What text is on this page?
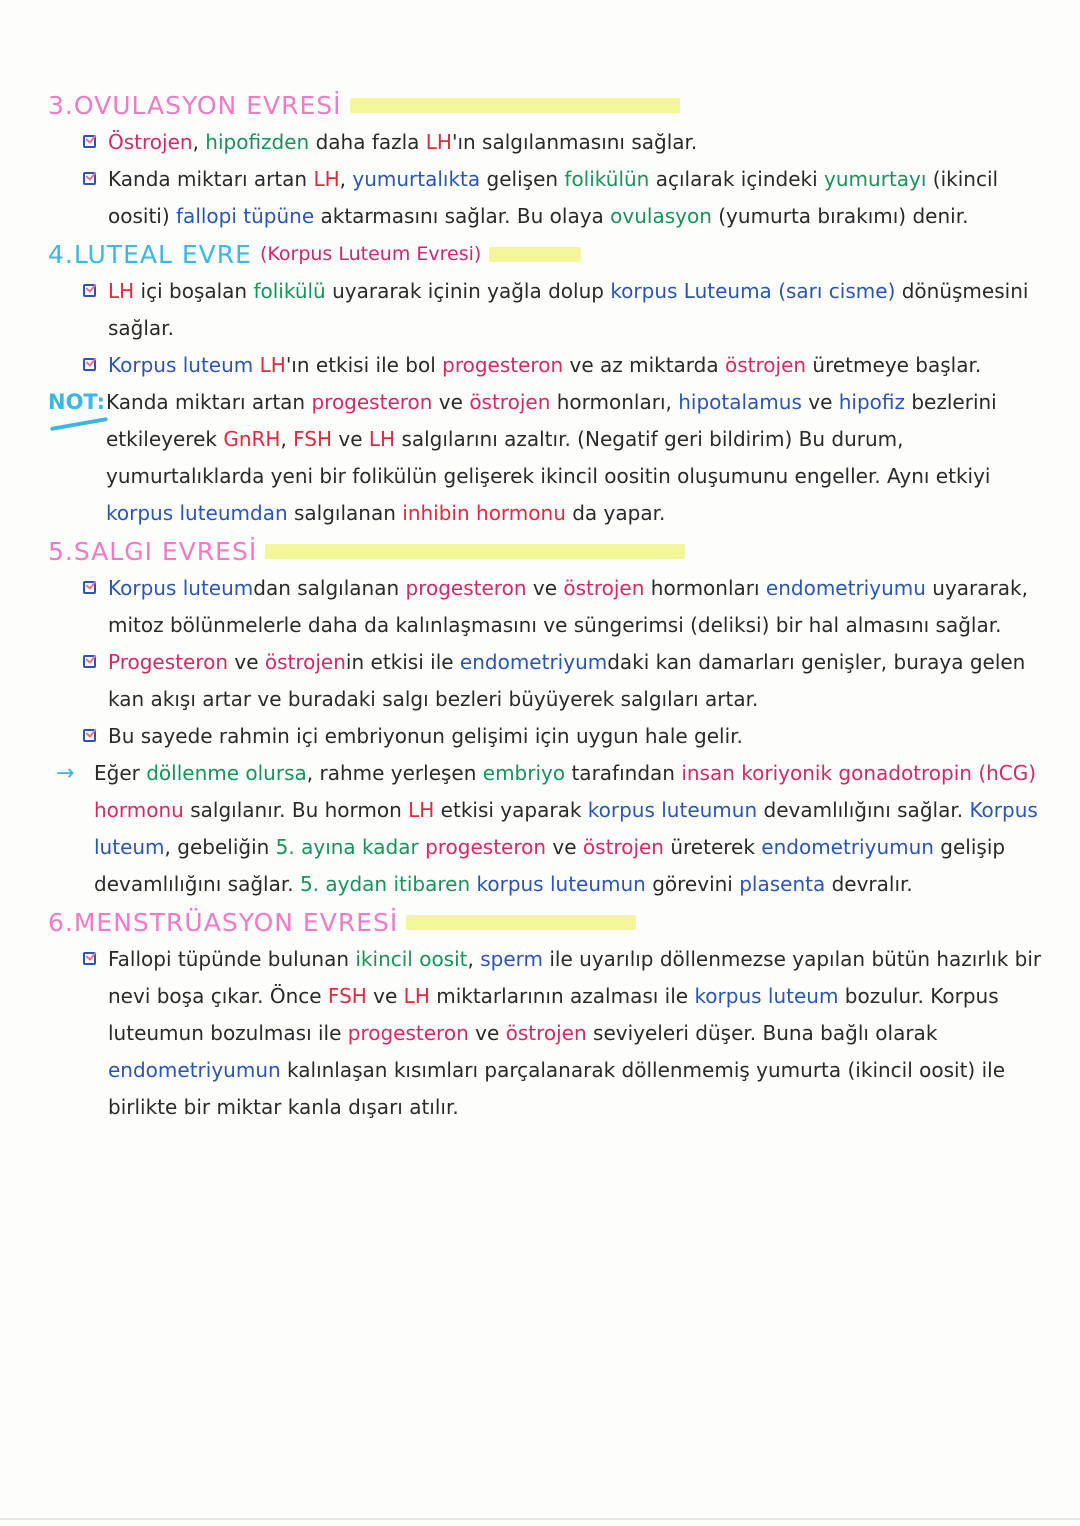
3.OVULASYON EVRESİ

Östrojen, hipofizden daha fazla LH'ın salgılanmasını sağlar.

Kanda miktarı artan LH, yumurtalıkta gelişen folikülün açılarak içindeki yumurtayı (ikincil oositi) fallopi tüpüne aktarmasını sağlar. Bu olaya ovulasyon (yumurta bırakımı) denir.

4. LUTEAL EVRE (Korpus Luteum Evresi)

LH içi boşalan folikülü uyararak içinin yağla dolup korpus Luteuma (sarı cisme) dönüşmesini sağlar.

Korpus luteum LH'ın etkisi ile bol progesteron ve az miktarda östrojen üretmeye başlar.

NOT: Kanda miktarı artan progesteron ve östrojen hormonları, hipotalamus ve hipofiz bezlerini etkileyerek GnRH, FSH ve LH salgılarını azaltır. (Negatif geri bildirim) Bu durum, yumurtalıklarda yeni bir folikülün gelişerek ikincil oositin oluşumunu engeller. Aynı etkiyi korpus luteumdan salgılanan inhibin hormonu da yapar.

5.SALGI EVRESİ

Korpus luteumdan salgılanan progesteron ve östrojen hormonları endometriyumu uyararak, mitoz bölünmelerle daha da kalınlaşmasını ve süngerimsi (deliksi) bir hal almasını sağlar.

Progesteron ve östrojenin etkisi ile endometriyumdaki kan damarları genişler, buraya gelen kan akışı artar ve buradaki salgı bezleri büyüyerek salgıları artar.

Bu sayede rahmin içi embriyonun gelişimi için uygun hale gelir.

→ Eğer döllenme olursa, rahme yerleşen embriyo tarafından insan koriyonik gonadotropin (hCG) hormonu salgılanır. Bu hormon LH etkisi yaparak korpus luteumun devamlılığını sağlar. Korpus luteum, gebeliğin 5. ayına kadar progesteron ve östrojen üreterek endometriyumun gelişip devamlılığını sağlar. 5. aydan itibaren korpus luteumun görevini plasenta devralır.

6.MENSTRÜASYON EVRESİ

Fallopi tüpünde bulunan ikincil oosit, sperm ile uyarılıp döllenmezse yapılan bütün hazırlık bir nevi boşa çıkar. Önce FSH ve LH miktarlarının azalması ile korpus luteum bozulur. Korpus luteumun bozulması ile progesteron ve östrojen seviyeleri düşer. Buna bağlı olarak endometriyumun kalınlaşan kısımları parçalanarak döllenmemiş yumurta (ikincil oosit) ile birlikte bir miktar kanla dışarı atılır.
